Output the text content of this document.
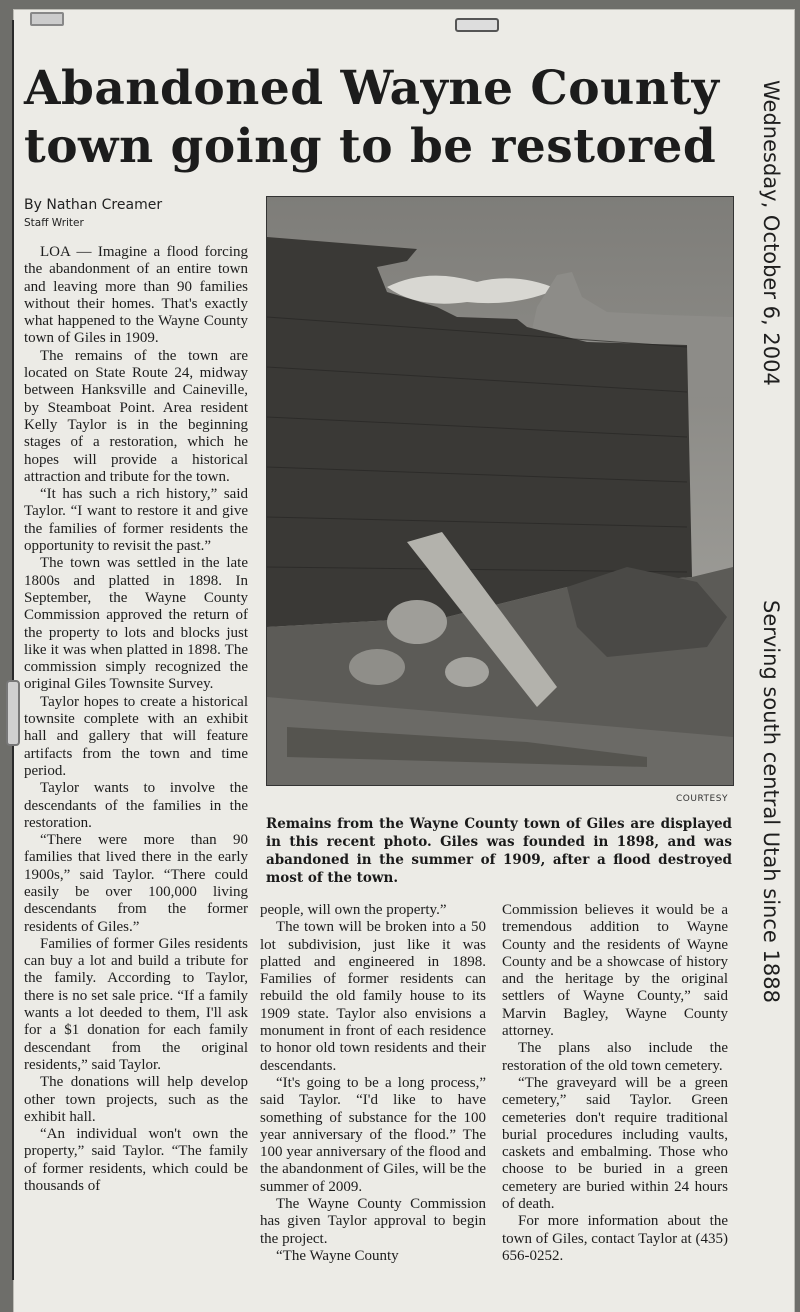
Abandoned Wayne County town going to be restored
By Nathan Creamer
Staff Writer	Wednesday, October 6, 2004
Serving south central Utah since 1888
COURTESY
Remains from the Wayne County town of Giles are displayed in this recent photo. Giles was founded in 1898, and was abandoned in the summer of 1909, after a flood destroyed most of the town.

LOA — Imagine a flood forcing the abandonment of an entire town and leaving more than 90 families without their homes. That's exactly what happened to the Wayne County town of Giles in 1909.

The remains of the town are located on State Route 24, midway between Hanksville and Caineville, by Steamboat Point. Area resident Kelly Taylor is in the beginning stages of a restoration, which he hopes will provide a historical attraction and tribute for the town.

“It has such a rich history,” said Taylor. “I want to restore it and give the families of former residents the opportunity to revisit the past.”

The town was settled in the late 1800s and platted in 1898. In September, the Wayne County Commission approved the return of the property to lots and blocks just like it was when platted in 1898. The commission simply recognized the original Giles Townsite Survey.

Taylor hopes to create a historical townsite complete with an exhibit hall and gallery that will feature artifacts from the town and time period.

Taylor wants to involve the descendants of the families in the restoration.

“There were more than 90 families that lived there in the early 1900s,” said Taylor. “There could easily be over 100,000 living descendants from the former residents of Giles.”

Families of former Giles residents can buy a lot and build a tribute for the family. According to Taylor, there is no set sale price. “If a family wants a lot deeded to them, I'll ask for a $1 donation for each family descendant from the original residents,” said Taylor.

The donations will help develop other town projects, such as the exhibit hall.

“An individual won't own the property,” said Taylor. “The family of former residents, which could be thousands of

people, will own the property.”

The town will be broken into a 50 lot subdivision, just like it was platted and engineered in 1898. Families of former residents can rebuild the old family house to its 1909 state. Taylor also envisions a monument in front of each residence to honor old town residents and their descendants.

“It's going to be a long process,” said Taylor. “I'd like to have something of substance for the 100 year anniversary of the flood.” The 100 year anniversary of the flood and the abandonment of Giles, will be the summer of 2009.

The Wayne County Commission has given Taylor approval to begin the project.

“The Wayne County

Commission believes it would be a tremendous addition to Wayne County and the residents of Wayne County and be a showcase of history and the heritage by the original settlers of Wayne County,” said Marvin Bagley, Wayne County attorney.

The plans also include the restoration of the old town cemetery.

“The graveyard will be a green cemetery,” said Taylor. Green cemeteries don't require traditional burial procedures including vaults, caskets and embalming. Those who choose to be buried in a green cemetery are buried within 24 hours of death.

For more information about the town of Giles, contact Taylor at (435) 656-0252.
